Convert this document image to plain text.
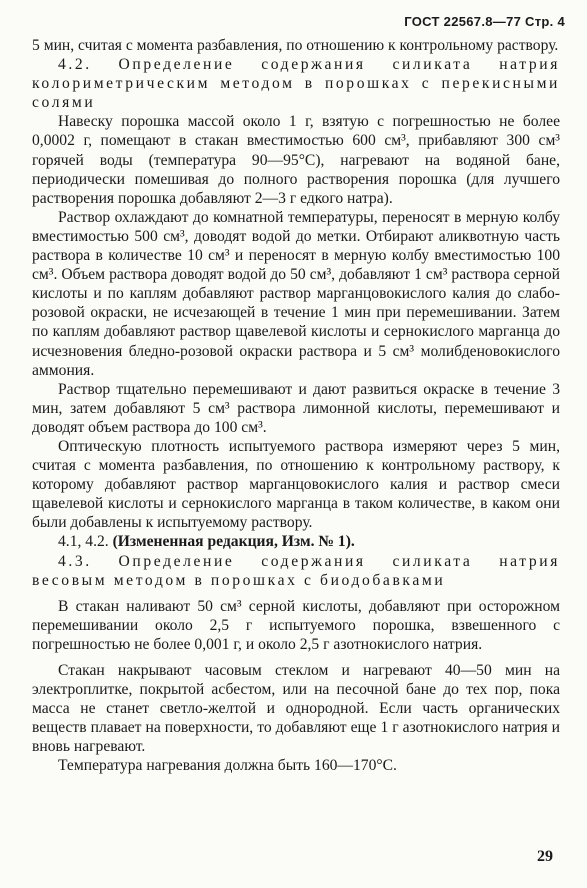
ГОСТ 22567.8—77 Стр. 4

5 мин, считая с момента разбавления, по отношению к контрольному раствору.

4.2. Определение содержания силиката натрия колориметрическим методом в порошках с перекисными солями

Навеску порошка массой около 1 г, взятую с погрешностью не более 0,0002 г, помещают в стакан вместимостью 600 см³, прибавляют 300 см³ горячей воды (температура 90—95°С), нагревают на водяной бане, периодически помешивая до полного растворения порошка (для лучшего растворения порошка добавляют 2—3 г едкого натра).

Раствор охлаждают до комнатной температуры, переносят в мерную колбу вместимостью 500 см³, доводят водой до метки. Отбирают аликвотную часть раствора в количестве 10 см³ и переносят в мерную колбу вместимостью 100 см³. Объем раствора доводят водой до 50 см³, добавляют 1 см³ раствора серной кислоты и по каплям добавляют раствор марганцовокислого калия до слабо-розовой окраски, не исчезающей в течение 1 мин при перемешивании. Затем по каплям добавляют раствор щавелевой кислоты и сернокислого марганца до исчезновения бледно-розовой окраски раствора и 5 см³ молибденовокислого аммония.

Раствор тщательно перемешивают и дают развиться окраске в течение 3 мин, затем добавляют 5 см³ раствора лимонной кислоты, перемешивают и доводят объем раствора до 100 см³.

Оптическую плотность испытуемого раствора измеряют через 5 мин, считая с момента разбавления, по отношению к контрольному раствору, к которому добавляют раствор марганцовокислого калия и раствор смеси щавелевой кислоты и сернокислого марганца в таком количестве, в каком они были добавлены к испытуемому раствору.

4.1, 4.2. (Измененная редакция, Изм. № 1).

4.3. Определение содержания силиката натрия весовым методом в порошках с биодобавками

В стакан наливают 50 см³ серной кислоты, добавляют при осторожном перемешивании около 2,5 г испытуемого порошка, взвешенного с погрешностью не более 0,001 г, и около 2,5 г азотнокислого натрия.

Стакан накрывают часовым стеклом и нагревают 40—50 мин на электроплитке, покрытой асбестом, или на песочной бане до тех пор, пока масса не станет светло-желтой и однородной. Если часть органических веществ плавает на поверхности, то добавляют еще 1 г азотнокислого натрия и вновь нагревают.

Температура нагревания должна быть 160—170°С.

29
